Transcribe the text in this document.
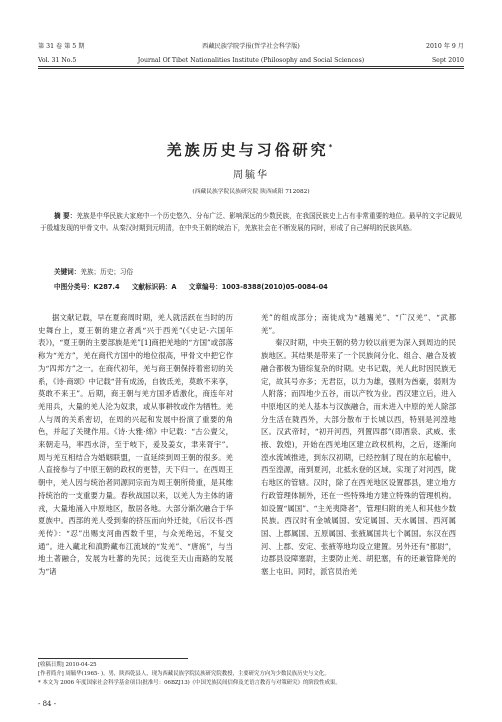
第 31 卷 第 5 期	西藏民族学院学报(哲学社会科学版)	2010 年 9 月
Vol. 31 No.5	Journal Of Tibet Nationalities Institute (Philosophy and Social Sciences)	Sept 2010
羌族历史与习俗研究*
周毓华
(西藏民族学院民族研究院 陕西咸阳 712082)
摘 要：羌族是中华民族大家庭中一个历史悠久、分布广泛、影响深远的少数民族，在我国民族史上占有非常重要的地位。最早的文字记载见于殷墟发现的甲骨文中。从秦汉时期到元明清，在中央王朝的统治下，羌族社会在不断发展的同时，形成了自己鲜明的民族风格。
关键词：羌族；历史；习俗
中图分类号：K287.4 文献标识码：A 文章编号：1003-8388(2010)05-0084-04

据文献记载，早在夏商周时期，羌人就活跃在当时的历史舞台上，夏王朝的建立者禹“兴于西羌”(《史记·六国年表》)，“夏王朝的主要部族是羌”[1]商把羌地的“方国”或部落称为“羌方”，羌在商代方国中的地位很高，甲骨文中把它作为“四邦方”之一。在商代初年，羌与商王朝保持着密切的关系，《诗·商颂》中记载“昔有成汤，自彼氐羌，莫敢不来享，莫敢不来王”。后期，商王朝与羌方国矛盾激化，商连年对羌用兵，大量的羌人沦为奴隶，或从事耕牧或作为牺牲。羌人与周的关系密切，在周的兴起和发展中扮演了重要的角色，并起了关键作用。《诗·大雅·绵》中记载：“古公亶父，来朝走马，率西水浒，至于岐下，爰及姜女，聿来胥宇”。周与羌互相结合为婚姻联盟，一直延续到周王朝的很多。羌人直接参与了中原王朝的政权的更替，天下归一。在西周王朝中，羌人因与统治者同源同宗而为周王朝所倚重，是其维持统治的一支重要力量。春秋战国以来，以羌人为主体的诸戎，大量地涌入中原地区，散居各地。大部分渐次融合于华夏族中。西部的羌人受到秦的挤压而向外迁徙，《后汉书·西羌传》：“忍”出赐支河曲西数千里，与众羌绝远，不复交通”。进入藏北和滇黔藏布江流域的“发羌”、“唐旄”，与当地土著融合，发展为吐蕃的先民；远徙至天山南路的发展为“诸

羌”的组成部分；南徙成为“越巂羌”、“广汉羌”、“武都羌”。

秦汉时期，中央王朝的势力较以前更为深入到周边的民族地区。其结果是带来了一个民族间分化、组合、融合及被融合都极为错综复杂的时期。史书记载，羌人此时因民族无定，故其号亦多；无君臣，以力为雄，强则为酋豪，弱则为人附落；而四地少五谷，而以产牧为业。西汉建立后，进入中原地区的羌人基本与汉族融合，而未进入中原的羌人除部分生活在陇西外，大部分散布于长城以西，特别是河湟地区。汉武帝时，“初开河西，列置四郡”(即酒泉、武威、张掖、敦煌)，开始在西羌地区建立政权机构，之后，逐渐向湟水流域推进，到东汉初期，已经控制了现在的东起榆中，西至湟源，南到夏河，北抵永登的区域。实现了对河西，陇右地区的管辖。汉时，除了在西羌地区设置郡县，建立地方行政管理体制外，还在一些特殊地方建立特殊的管理机构。如设置“属国”、“主羌夷降者”，管理归附的羌人和其他少数民族。西汉时有金城属国、安定属国、天水属国、西河属国、上郡属国、五原属国、张掖属国共七个属国。东汉在西河、上郡、安定、张掖等地均设立建置。另外还有“都尉”，边郡县设障塞尉，主要防止羌、胡犯塞，有的还兼管降羌的塞上屯田。同时，派官员治羌

[收稿日期] 2010-04-25
[作者简介] 周毓华(1965- )，男，陕西乾县人，现为西藏民族学院民族研究院教授，主要研究方向为少数民族历史与文化。
* 本文为 2006 年度国家社会科学基金项目(批准号：06BZJ13)《中国羌族民间信仰及羌语言教育与对策研究》的阶段性成果。
- 84 -
